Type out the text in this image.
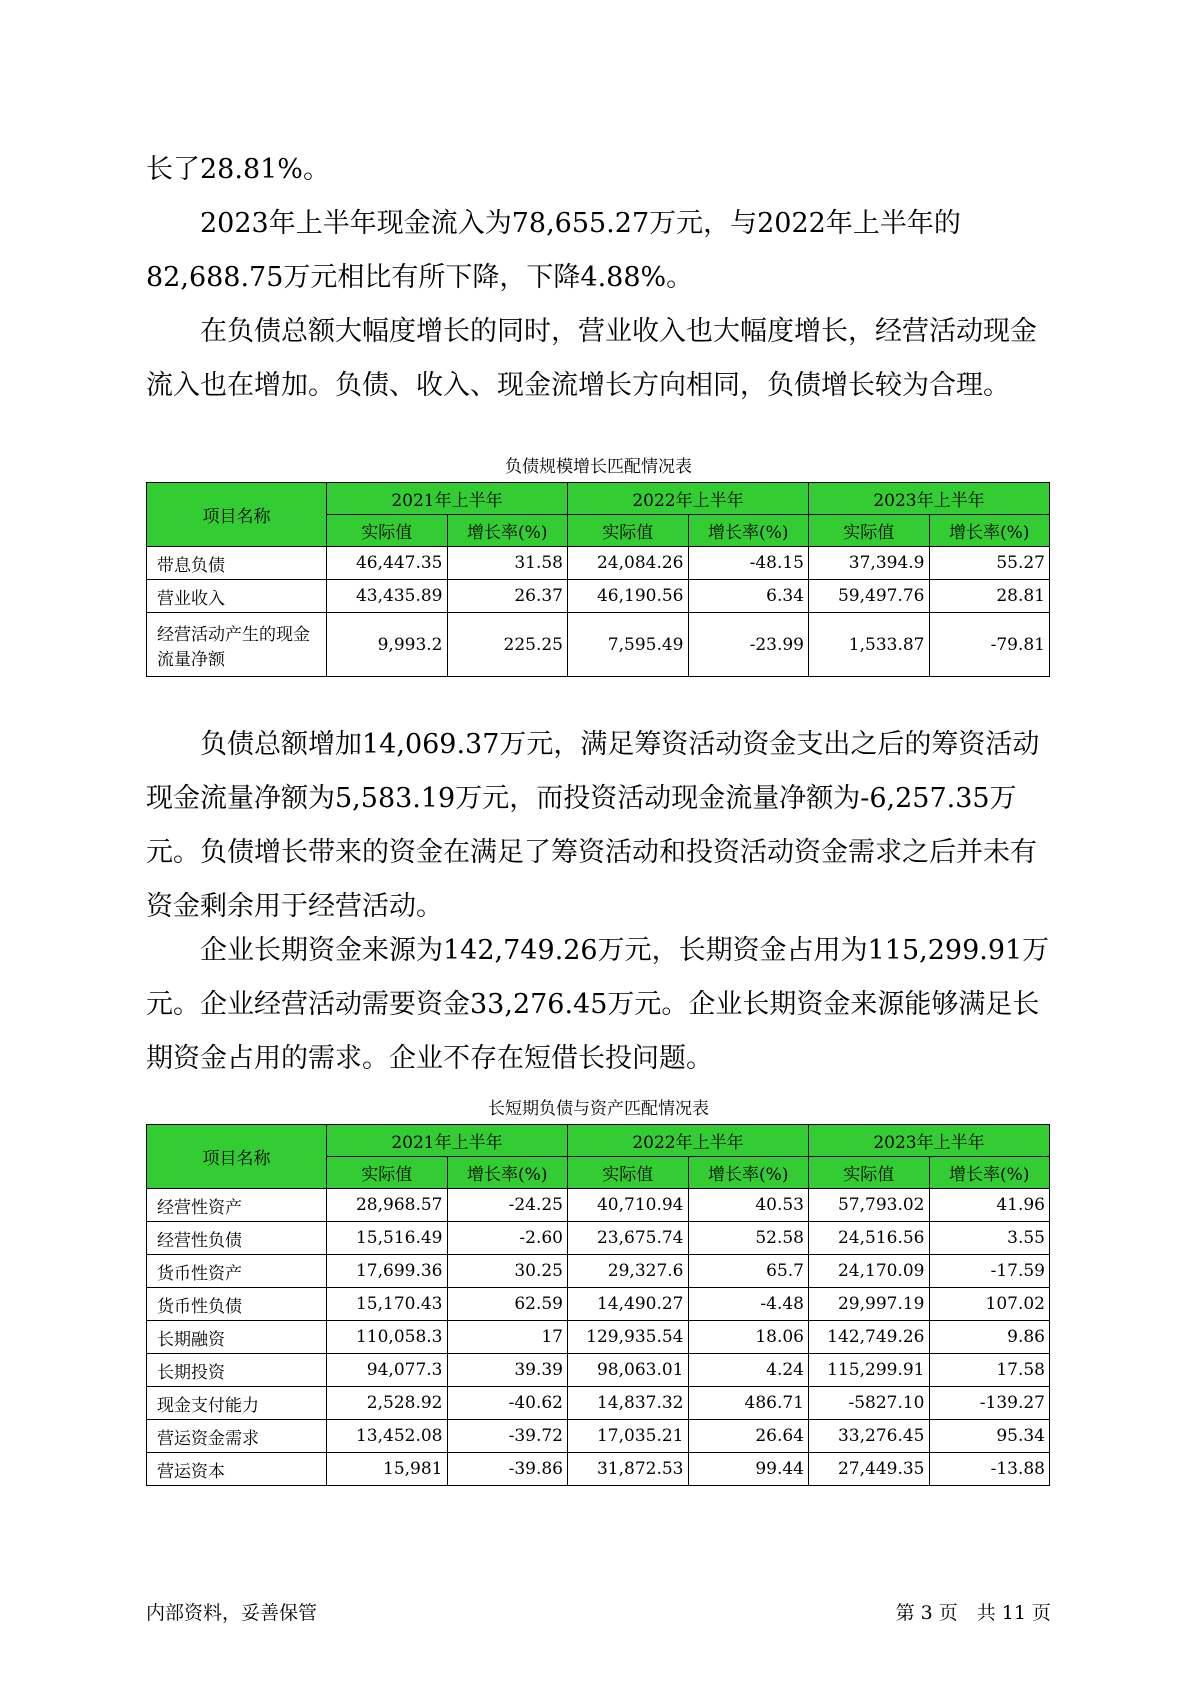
长了28.81%。

　　2023年上半年现金流入为78,655.27万元，与2022年上半年的82,688.75万元相比有所下降，下降4.88%。

　　在负债总额大幅度增长的同时，营业收入也大幅度增长，经营活动现金流入也在增加。负债、收入、现金流增长方向相同，负债增长较为合理。

负债规模增长匹配情况表

项目名称	2021年上半年		2022年上半年		2023年上半年	
	实际值	增长率(%)	实际值	增长率(%)	实际值	增长率(%)
带息负债	46,447.35	31.58	24,084.26	-48.15	37,394.9	55.27
营业收入	43,435.89	26.37	46,190.56	6.34	59,497.76	28.81
经营活动产生的现金流量净额	9,993.2	225.25	7,595.49	-23.99	1,533.87	-79.81

　　负债总额增加14,069.37万元，满足筹资活动资金支出之后的筹资活动现金流量净额为5,583.19万元，而投资活动现金流量净额为-6,257.35万元。负债增长带来的资金在满足了筹资活动和投资活动资金需求之后并未有资金剩余用于经营活动。

　　企业长期资金来源为142,749.26万元，长期资金占用为115,299.91万元。企业经营活动需要资金33,276.45万元。企业长期资金来源能够满足长期资金占用的需求。企业不存在短借长投问题。

长短期负债与资产匹配情况表

项目名称	2021年上半年		2022年上半年		2023年上半年	
	实际值	增长率(%)	实际值	增长率(%)	实际值	增长率(%)
经营性资产	28,968.57	-24.25	40,710.94	40.53	57,793.02	41.96
经营性负债	15,516.49	-2.60	23,675.74	52.58	24,516.56	3.55
货币性资产	17,699.36	30.25	29,327.6	65.7	24,170.09	-17.59
货币性负债	15,170.43	62.59	14,490.27	-4.48	29,997.19	107.02
长期融资	110,058.3	17	129,935.54	18.06	142,749.26	9.86
长期投资	94,077.3	39.39	98,063.01	4.24	115,299.91	17.58
现金支付能力	2,528.92	-40.62	14,837.32	486.71	-5827.10	-139.27
营运资金需求	13,452.08	-39.72	17,035.21	26.64	33,276.45	95.34
营运资本	15,981	-39.86	31,872.53	99.44	27,449.35	-13.88
内部资料，妥善保管	第 3 页　共 11 页
